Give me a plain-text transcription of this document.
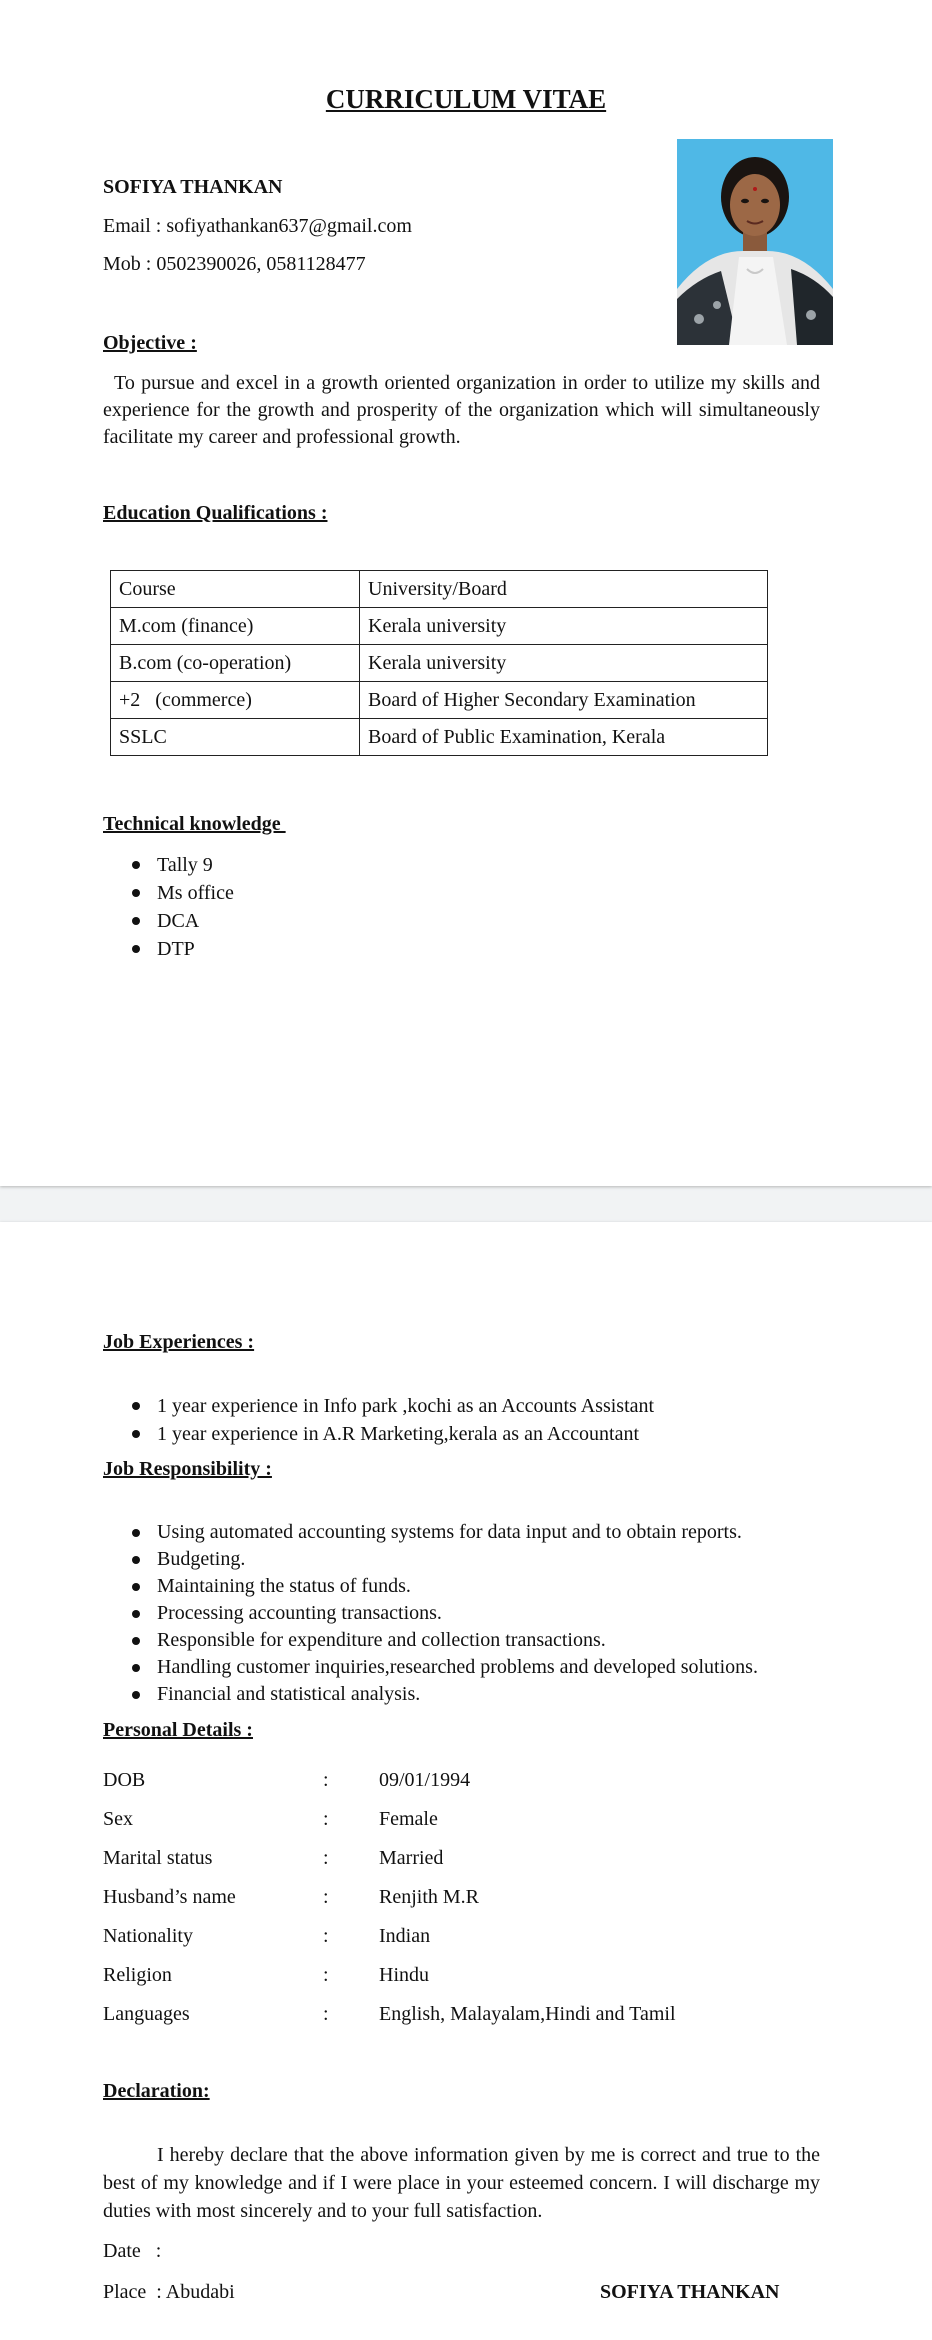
CURRICULUM VITAE
SOFIYA THANKAN
Email : sofiyathankan637@gmail.com
Mob : 0502390026, 0581128477
Objective :

To pursue and excel in a growth oriented organization in order to utilize my skills and experience for the growth and prosperity of the organization which will simultaneously facilitate my career and professional growth.

Education Qualifications :
Course	University/Board
M.com (finance)	Kerala university
B.com (co-operation)	Kerala university
+2   (commerce)	Board of Higher Secondary Examination
SSLC	Board of Public Examination, Kerala
Technical knowledge
Tally 9
Ms office
DCA
DTP
Job Experiences :
1 year experience in Info park ,kochi as an Accounts Assistant
1 year experience in A.R Marketing,kerala as an Accountant
Job Responsibility :
Using automated accounting systems for data input and to obtain reports.
Budgeting.
Maintaining the status of funds.
Processing accounting transactions.
Responsible for expenditure and collection transactions.
Handling customer inquiries,researched problems and developed solutions.
Financial and statistical analysis.
Personal Details :
DOB	:	09/01/1994
Sex	:	Female
Marital status	:	Married
Husband’s name	:	Renjith M.R
Nationality	:	Indian
Religion	:	Hindu
Languages	:	English, Malayalam,Hindi and Tamil
Declaration:

I hereby declare that the above information given by me is correct and true to the best of my knowledge and if I were place in your esteemed concern. I will discharge my duties with most sincerely and to your full satisfaction.

Date   :
Place  : Abudabi	SOFIYA THANKAN
